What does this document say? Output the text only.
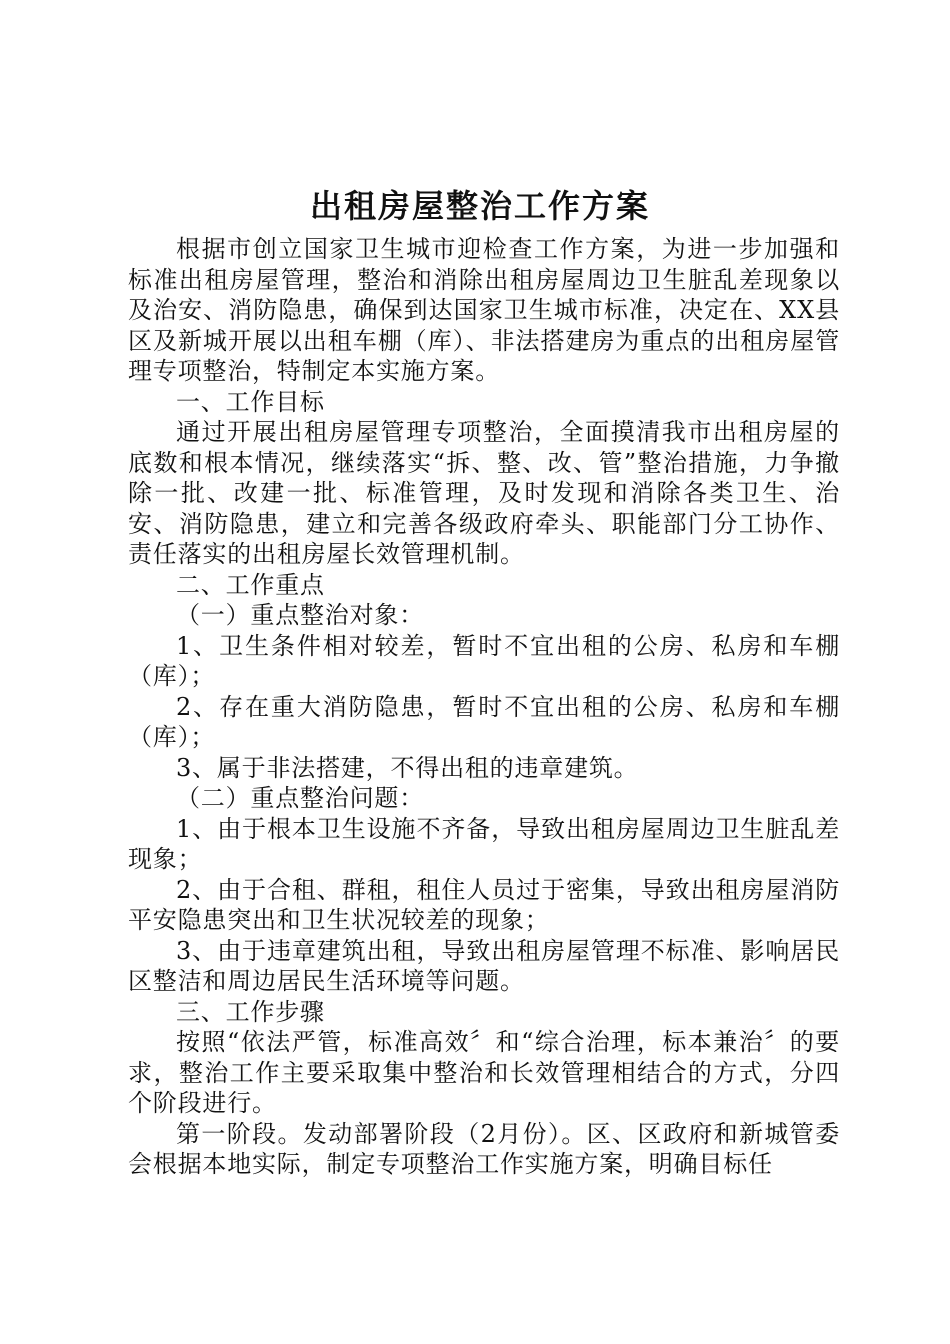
出租房屋整治工作方案

根据市创立国家卫生城市迎检查工作方案，为进一步加强和标准出租房屋管理，整治和消除出租房屋周边卫生脏乱差现象以及治安、消防隐患，确保到达国家卫生城市标准，决定在、XX县区及新城开展以出租车棚（库）、非法搭建房为重点的出租房屋管理专项整治，特制定本实施方案。

一、工作目标

通过开展出租房屋管理专项整治，全面摸清我市出租房屋的底数和根本情况，继续落实“拆、整、改、管”整治措施，力争撤除一批、改建一批、标准管理，及时发现和消除各类卫生、治安、消防隐患，建立和完善各级政府牵头、职能部门分工协作、责任落实的出租房屋长效管理机制。

二、工作重点

（一）重点整治对象：

1、卫生条件相对较差，暂时不宜出租的公房、私房和车棚（库）；

2、存在重大消防隐患，暂时不宜出租的公房、私房和车棚（库）；

3、属于非法搭建，不得出租的违章建筑。

（二）重点整治问题：

1、由于根本卫生设施不齐备，导致出租房屋周边卫生脏乱差现象；

2、由于合租、群租，租住人员过于密集，导致出租房屋消防平安隐患突出和卫生状况较差的现象；

3、由于违章建筑出租，导致出租房屋管理不标准、影响居民区整洁和周边居民生活环境等问题。

三、工作步骤

按照“依法严管，标准高效〞和“综合治理，标本兼治〞的要求，整治工作主要采取集中整治和长效管理相结合的方式，分四个阶段进行。

第一阶段。发动部署阶段（2月份）。区、区政府和新城管委会根据本地实际，制定专项整治工作实施方案，明确目标任
